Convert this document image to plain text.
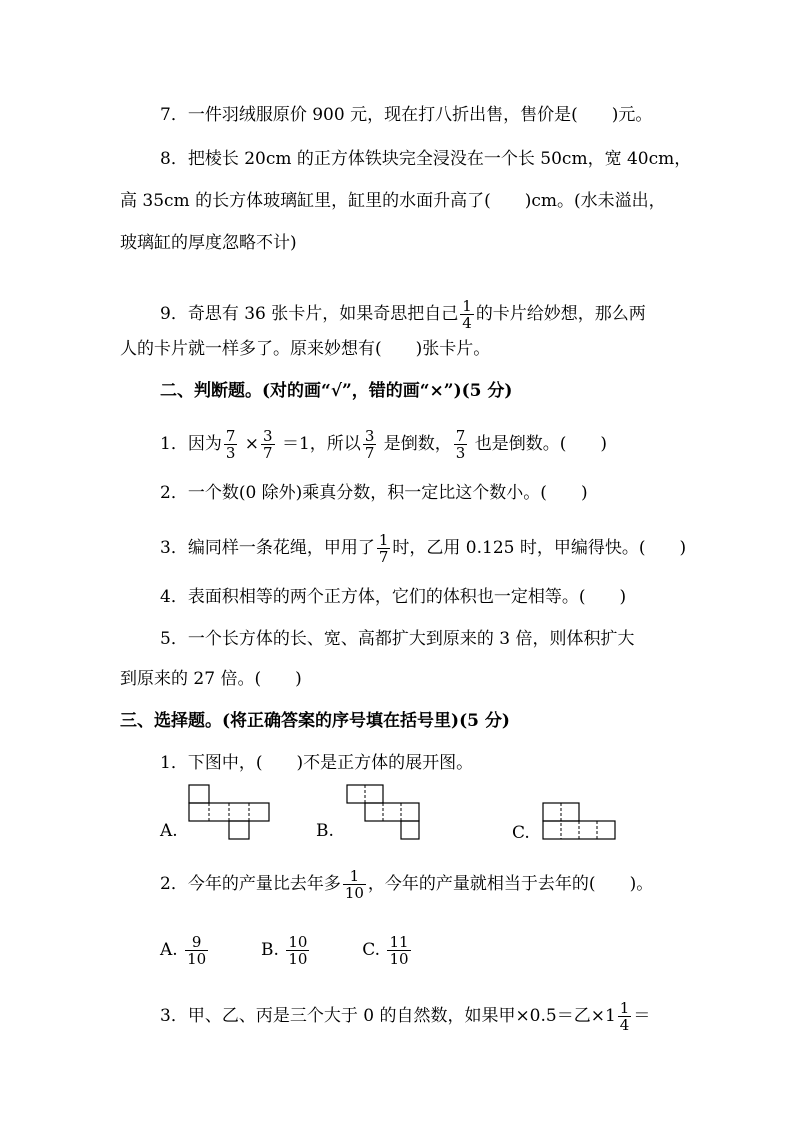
7．一件羽绒服原价 900 元，现在打八折出售，售价是( )元。
8．把棱长 20cm 的正方体铁块完全浸没在一个长 50cm，宽 40cm，
高 35cm 的长方体玻璃缸里，缸里的水面升高了( )cm。(水未溢出，
玻璃缸的厚度忽略不计)
9．奇思有 36 张卡片，如果奇思把自己 $\frac{1}{4}$ 的卡片给妙想，那么两
人的卡片就一样多了。原来妙想有( )张卡片。
二、判断题。(对的画“√”，错的画“×”)(5 分)
1．因为 $\frac{7}{3} \times \frac{3}{7} =1$，所以 $\frac{3}{7}$ 是倒数， $\frac{7}{3}$ 也是倒数。( )
2．一个数(0 除外)乘真分数，积一定比这个数小。( )
3．编同样一条花绳，甲用了 $\frac{1}{7}$ 时，乙用 0.125 时，甲编得快。( )
4．表面积相等的两个正方体，它们的体积也一定相等。( )
5．一个长方体的长、宽、高都扩大到原来的 3 倍，则体积扩大
到原来的 27 倍。( )
三、选择题。(将正确答案的序号填在括号里)(5 分)
1．下图中，( )不是正方体的展开图。
A.	B.	C.
2．今年的产量比去年多 $\frac{1}{10}$ ，今年的产量就相当于去年的( )。
A. $\frac{9}{10}$	B. $\frac{10}{10}$	C. $\frac{11}{10}$
3．甲、乙、丙是三个大于 0 的自然数，如果甲×0.5＝乙$\times 1 \frac{1}{4}$ ＝
